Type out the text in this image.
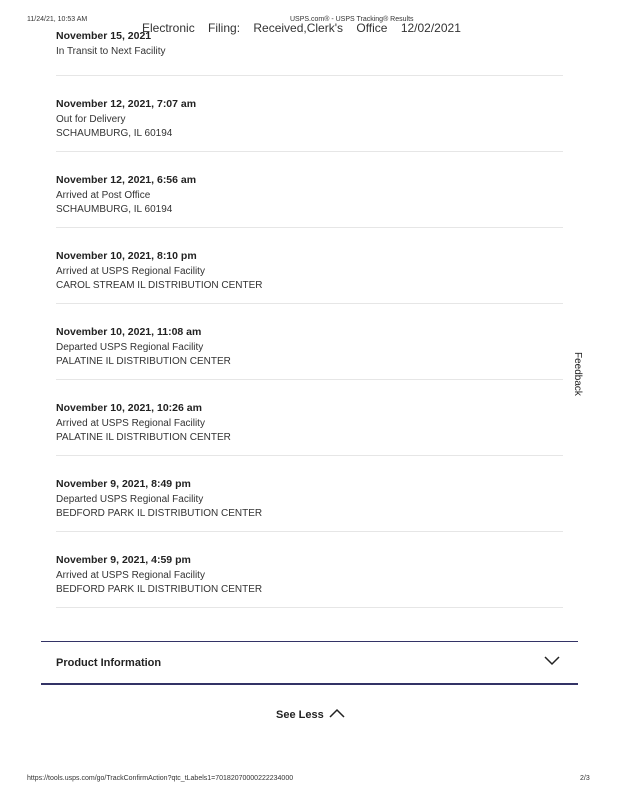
11/24/21, 10:53 AM	USPS.com® - USPS Tracking® Results
Electronic Filing: Received,Clerk's Office 12/02/2021
November 15, 2021
In Transit to Next Facility
November 12, 2021, 7:07 am
Out for Delivery
SCHAUMBURG, IL 60194
November 12, 2021, 6:56 am
Arrived at Post Office
SCHAUMBURG, IL 60194
November 10, 2021, 8:10 pm
Arrived at USPS Regional Facility
CAROL STREAM IL DISTRIBUTION CENTER
November 10, 2021, 11:08 am
Departed USPS Regional Facility
PALATINE IL DISTRIBUTION CENTER
November 10, 2021, 10:26 am
Arrived at USPS Regional Facility
PALATINE IL DISTRIBUTION CENTER
November 9, 2021, 8:49 pm
Departed USPS Regional Facility
BEDFORD PARK IL DISTRIBUTION CENTER
November 9, 2021, 4:59 pm
Arrived at USPS Regional Facility
BEDFORD PARK IL DISTRIBUTION CENTER
Feedback
Product Information
See Less
https://tools.usps.com/go/TrackConfirmAction?qtc_tLabels1=70182070000222234000	2/3
